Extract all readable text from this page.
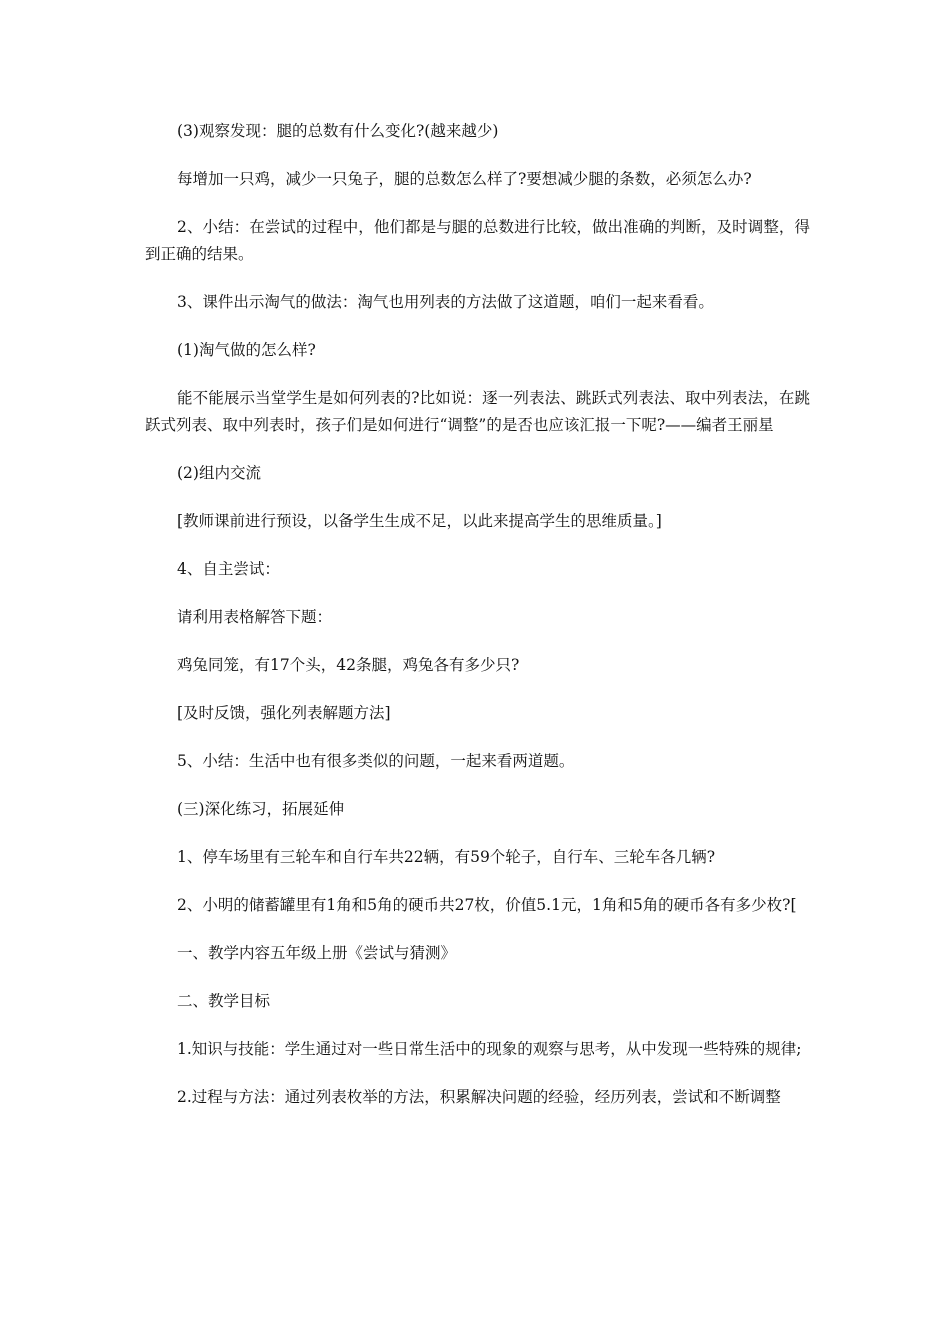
(3)观察发现：腿的总数有什么变化?(越来越少)

每增加一只鸡，减少一只兔子，腿的总数怎么样了?要想减少腿的条数，必须怎么办?

2、小结：在尝试的过程中，他们都是与腿的总数进行比较，做出准确的判断，及时调整，得到正确的结果。

3、课件出示淘气的做法：淘气也用列表的方法做了这道题，咱们一起来看看。

(1)淘气做的怎么样?

能不能展示当堂学生是如何列表的?比如说：逐一列表法、跳跃式列表法、取中列表法，在跳跃式列表、取中列表时，孩子们是如何进行“调整”的是否也应该汇报一下呢?——编者王丽星

(2)组内交流

[教师课前进行预设，以备学生生成不足，以此来提高学生的思维质量。]

4、自主尝试：

请利用表格解答下题：

鸡兔同笼，有17个头，42条腿，鸡兔各有多少只?

[及时反馈，强化列表解题方法]

5、小结：生活中也有很多类似的问题，一起来看两道题。

(三)深化练习，拓展延伸

1、停车场里有三轮车和自行车共22辆，有59个轮子，自行车、三轮车各几辆?

2、小明的储蓄罐里有1角和5角的硬币共27枚，价值5.1元，1角和5角的硬币各有多少枚?[

一、教学内容五年级上册《尝试与猜测》

二、教学目标

1.知识与技能：学生通过对一些日常生活中的现象的观察与思考，从中发现一些特殊的规律;

2.过程与方法：通过列表枚举的方法，积累解决问题的经验，经历列表，尝试和不断调整
